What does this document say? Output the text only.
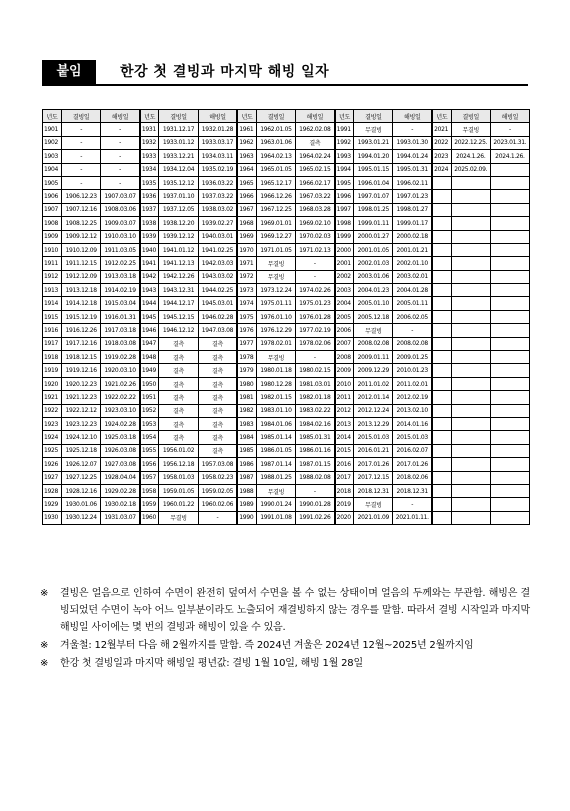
붙임	한강 첫 결빙과 마지막 해빙 일자
년도	결빙일	해빙일	년도	결빙일	해빙일	년도	결빙일	해빙일	년도	결빙일	해빙일	년도	결빙일	해빙일
1901	-	-	1931	1931.12.17	1932.01.28	1961	1962.01.05	1962.02.08	1991	무결빙	-	2021	무결빙	-
1902	-	-	1932	1933.01.12	1933.03.17	1962	1963.01.06	결측	1992	1993.01.21	1993.01.30	2022	2022.12.25.	2023.01.31.
1903	-	-	1933	1933.12.21	1934.03.11	1963	1964.02.13	1964.02.24	1993	1994.01.20	1994.01.24	2023	2024.1.26.	2024.1.26.
1904	-	-	1934	1934.12.04	1935.02.19	1964	1965.01.05	1965.02.15	1994	1995.01.15	1995.01.31	2024	2025.02.09.	
1905	-	-	1935	1935.12.12	1936.03.22	1965	1965.12.17	1966.02.17	1995	1996.01.04	1996.02.11			
1906	1906.12.23	1907.03.07	1936	1937.01.10	1937.03.22	1966	1966.12.26	1967.03.22	1996	1997.01.07	1997.01.23			
1907	1907.12.16	1908.03.06	1937	1937.12.05	1938.03.02	1967	1967.12.25	1968.03.28	1997	1998.01.25	1998.01.27			
1908	1908.12.25	1909.03.07	1938	1938.12.20	1939.02.27	1968	1969.01.01	1969.02.10	1998	1999.01.11	1999.01.17			
1909	1909.12.12	1910.03.10	1939	1939.12.12	1940.03.01	1969	1969.12.27	1970.02.03	1999	2000.01.27	2000.02.18			
1910	1910.12.09	1911.03.05	1940	1941.01.12	1941.02.25	1970	1971.01.05	1971.02.13	2000	2001.01.05	2001.01.21			
1911	1911.12.15	1912.02.25	1941	1941.12.13	1942.03.03	1971	무결빙	-	2001	2002.01.03	2002.01.10			
1912	1912.12.09	1913.03.18	1942	1942.12.26	1943.03.02	1972	무결빙	-	2002	2003.01.06	2003.02.01			
1913	1913.12.18	1914.02.19	1943	1943.12.31	1944.02.25	1973	1973.12.24	1974.02.26	2003	2004.01.23	2004.01.28			
1914	1914.12.18	1915.03.04	1944	1944.12.17	1945.03.01	1974	1975.01.11	1975.01.23	2004	2005.01.10	2005.01.11			
1915	1915.12.19	1916.01.31	1945	1945.12.15	1946.02.28	1975	1976.01.10	1976.01.28	2005	2005.12.18	2006.02.05			
1916	1916.12.26	1917.03.18	1946	1946.12.12	1947.03.08	1976	1976.12.29	1977.02.19	2006	무결빙	-			
1917	1917.12.16	1918.03.08	1947	결측	결측	1977	1978.02.01	1978.02.06	2007	2008.02.08	2008.02.08			
1918	1918.12.15	1919.02.28	1948	결측	결측	1978	무결빙	-	2008	2009.01.11	2009.01.25			
1919	1919.12.16	1920.03.10	1949	결측	결측	1979	1980.01.18	1980.02.15	2009	2009.12.29	2010.01.23			
1920	1920.12.23	1921.02.26	1950	결측	결측	1980	1980.12.28	1981.03.01	2010	2011.01.02	2011.02.01			
1921	1921.12.23	1922.02.22	1951	결측	결측	1981	1982.01.15	1982.01.18	2011	2012.01.14	2012.02.19			
1922	1922.12.12	1923.03.10	1952	결측	결측	1982	1983.01.10	1983.02.22	2012	2012.12.24	2013.02.10			
1923	1923.12.23	1924.02.28	1953	결측	결측	1983	1984.01.06	1984.02.16	2013	2013.12.29	2014.01.16			
1924	1924.12.10	1925.03.18	1954	결측	결측	1984	1985.01.14	1985.01.31	2014	2015.01.03	2015.01.03			
1925	1925.12.18	1926.03.08	1955	1956.01.02	결측	1985	1986.01.05	1986.01.16	2015	2016.01.21	2016.02.07			
1926	1926.12.07	1927.03.08	1956	1956.12.18	1957.03.08	1986	1987.01.14	1987.01.15	2016	2017.01.26	2017.01.26			
1927	1927.12.25	1928.04.04	1957	1958.01.03	1958.02.23	1987	1988.01.25	1988.02.08	2017	2017.12.15	2018.02.06			
1928	1928.12.16	1929.02.28	1958	1959.01.05	1959.02.05	1988	무결빙	-	2018	2018.12.31	2018.12.31			
1929	1930.01.06	1930.02.18	1959	1960.01.22	1960.02.06	1989	1990.01.24	1990.01.28	2019	무결빙	-			
1930	1930.12.24	1931.03.07	1960	무결빙	-	1990	1991.01.08	1991.02.26	2020	2021.01.09	2021.01.11.			
※	결빙은 얼음으로 인하여 수면이 완전히 덮여서 수면을 볼 수 없는 상태이며 얼음의 두께와는 무관함. 해빙은 결빙되었던 수면이 녹아 어느 일부분이라도 노출되어 재결빙하지 않는 경우를 말함. 따라서 결빙 시작일과 마지막 해빙일 사이에는 몇 번의 결빙과 해빙이 있을 수 있음.
※	겨울철: 12월부터 다음 해 2월까지를 말함. 즉 2024년 겨울은 2024년 12월~2025년 2월까지임
※	한강 첫 결빙일과 마지막 해빙일 평년값: 결빙 1월 10일, 해빙 1월 28일
